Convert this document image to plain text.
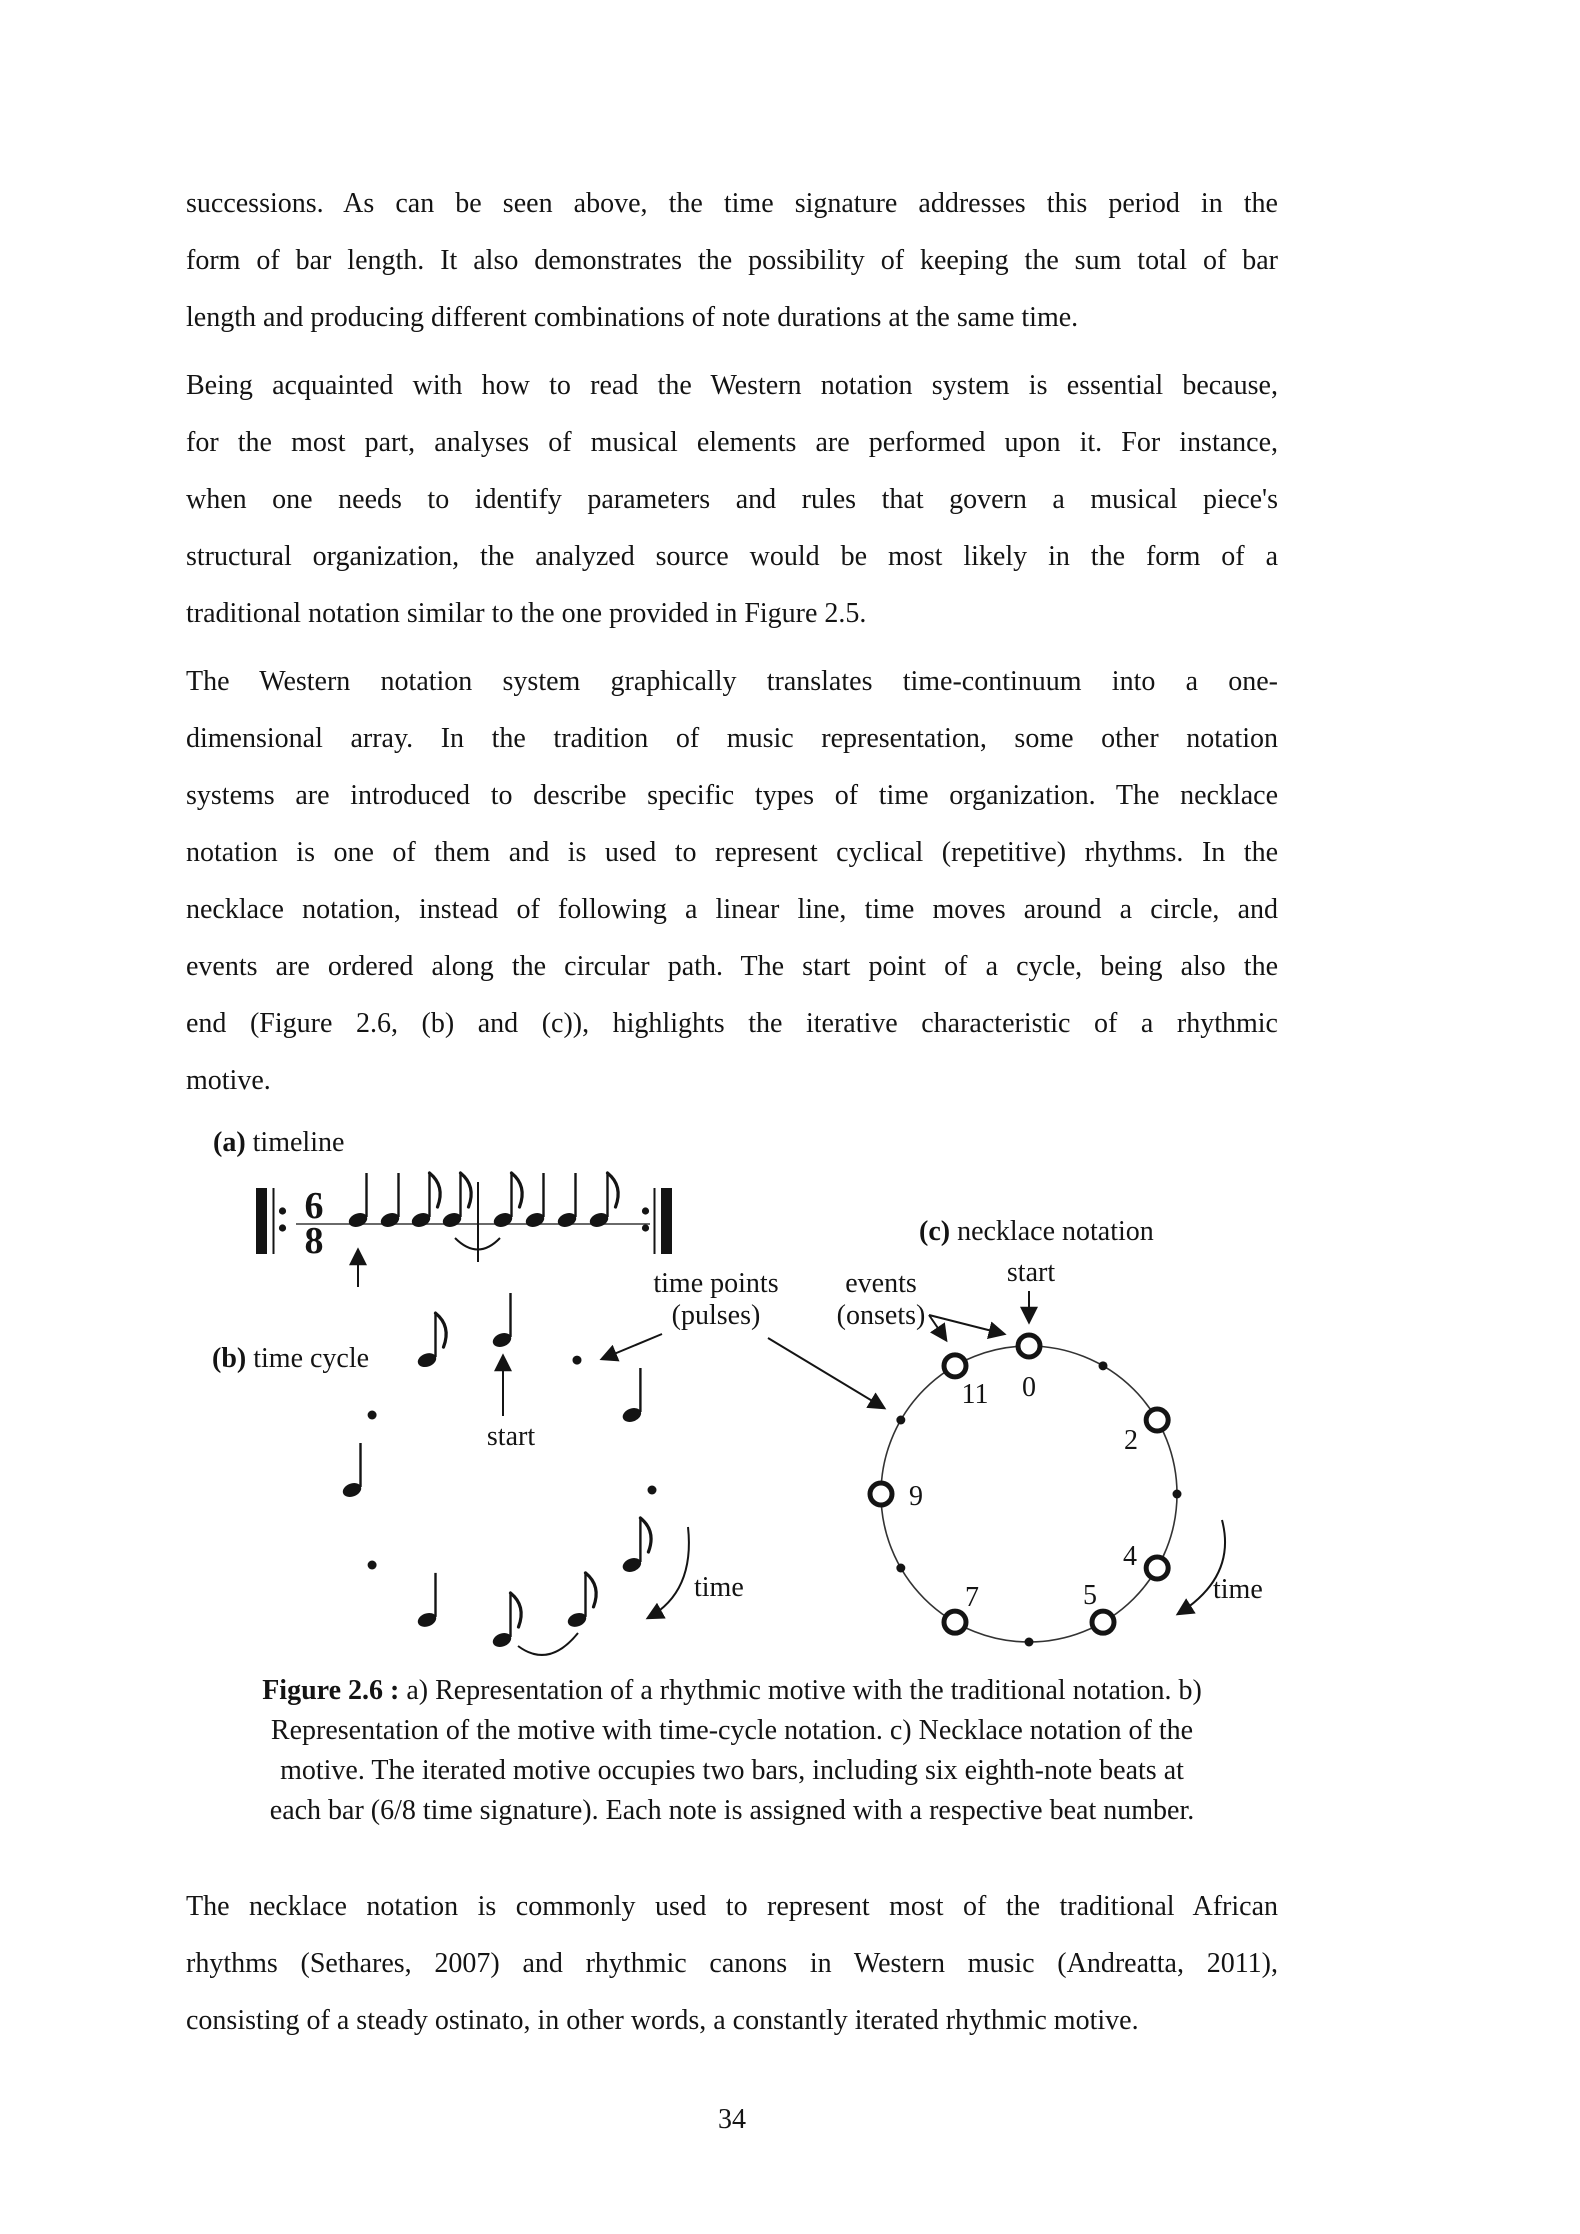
successions. As can be seen above, the time signature addresses this period in the
form of bar length. It also demonstrates the possibility of keeping the sum total of bar
length and producing different combinations of note durations at the same time.
Being acquainted with how to read the Western notation system is essential because,
for the most part, analyses of musical elements are performed upon it. For instance,
when one needs to identify parameters and rules that govern a musical piece's
structural organization, the analyzed source would be most likely in the form of a
traditional notation similar to the one provided in Figure 2.5.
The Western notation system graphically translates time-continuum into a one-
dimensional array. In the tradition of music representation, some other notation
systems are introduced to describe specific types of time organization. The necklace
notation is one of them and is used to represent cyclical (repetitive) rhythms. In the
necklace notation, instead of following a linear line, time moves around a circle, and
events are ordered along the circular path. The start point of a cycle, being also the
end (Figure 2.6, (b) and (c)), highlights the iterative characteristic of a rhythmic
motive.
(a) timeline
6
8
(b) time cycle
start
time
(c) necklace notation
start
0
2
4
5
7
9
11
time
time points
(pulses)
events
(onsets)
Figure 2.6 : a) Representation of a rhythmic motive with the traditional notation. b)
Representation of the motive with time-cycle notation. c) Necklace notation of the
motive. The iterated motive occupies two bars, including six eighth-note beats at
each bar (6/8 time signature). Each note is assigned with a respective beat number.
The necklace notation is commonly used to represent most of the traditional African
rhythms (Sethares, 2007) and rhythmic canons in Western music (Andreatta, 2011),
consisting of a steady ostinato, in other words, a constantly iterated rhythmic motive.
34
